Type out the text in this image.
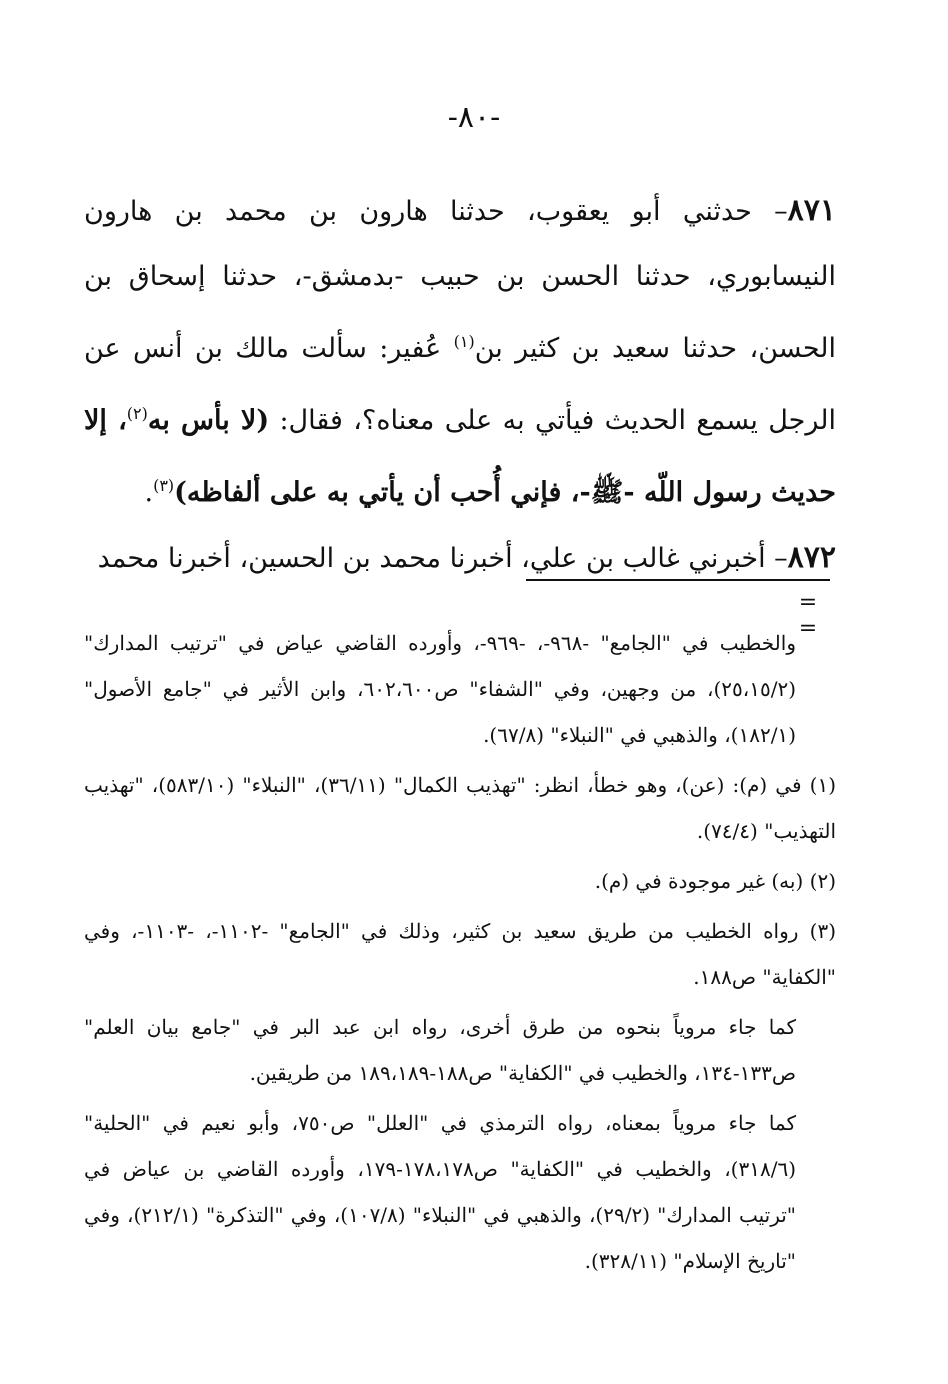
-٨٠-

٨٧١– حدثني أبو يعقوب، حدثنا هارون بن محمد بن هارون النيسابوري، حدثنا الحسن بن حبيب -بدمشق-، حدثنا إسحاق بن الحسن، حدثنا سعيد بن كثير بن$^{(١)}$ عُفير: سألت مالك بن أنس عن الرجل يسمع الحديث فيأتي به على معناه؟، فقال: (لا بأس به$^{(٢)}$، إلا حديث رسول اللّه -ﷺ-، فإني أُحب أن يأتي به على ألفاظه)$^{(٣)}$.

٨٧٢– أخبرني غالب بن علي، أخبرنا محمد بن الحسين، أخبرنا محمد

= =

والخطيب في "الجامع" -٩٦٨-، -٩٦٩-، وأورده القاضي عياض في "ترتيب المدارك" (٢٥،١٥/٢)، من وجهين، وفي "الشفاء" ص٦٠٢،٦٠٠، وابن الأثير في "جامع الأصول" (١٨٢/١)، والذهبي في "النبلاء" (٦٧/٨).

(١) في (م): (عن)، وهو خطأ، انظر: "تهذيب الكمال" (٣٦/١١)، "النبلاء" (٥٨٣/١٠)، "تهذيب التهذيب" (٧٤/٤).

(٢) (به) غير موجودة في (م).

(٣) رواه الخطيب من طريق سعيد بن كثير، وذلك في "الجامع" -١١٠٢-، -١١٠٣-، وفي "الكفاية" ص١٨٨.

كما جاء مروياً بنحوه من طرق أخرى، رواه ابن عبد البر في "جامع بيان العلم" ص١٣٣-١٣٤، والخطيب في "الكفاية" ص١٨٨-١٨٩،١٨٩ من طريقين.

كما جاء مروياً بمعناه، رواه الترمذي في "العلل" ص٧٥٠، وأبو نعيم في "الحلية" (٣١٨/٦)، والخطيب في "الكفاية" ص١٧٨،١٧٨-١٧٩، وأورده القاضي بن عياض في "ترتيب المدارك" (٢٩/٢)، والذهبي في "النبلاء" (١٠٧/٨)، وفي "التذكرة" (٢١٢/١)، وفي "تاريخ الإسلام" (٣٢٨/١١).
